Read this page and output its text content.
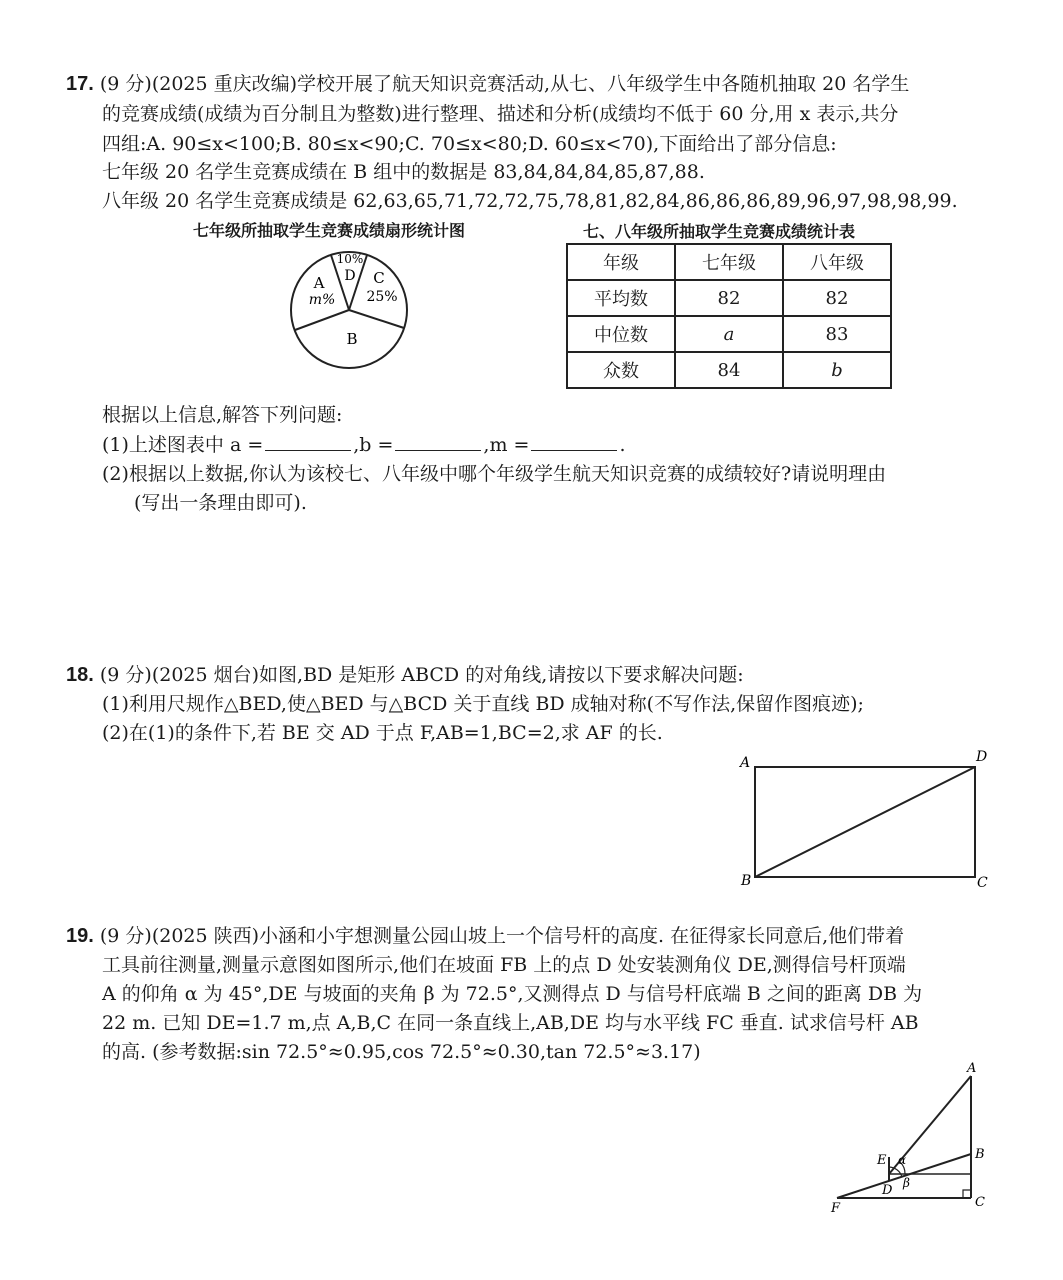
17. (9 分)(2025 重庆改编)学校开展了航天知识竞赛活动,从七、八年级学生中各随机抽取 20 名学生
的竞赛成绩(成绩为百分制且为整数)进行整理、描述和分析(成绩均不低于 60 分,用 x 表示,共分
四组:A. 90≤x<100;B. 80≤x<90;C. 70≤x<80;D. 60≤x<70),下面给出了部分信息:
七年级 20 名学生竞赛成绩在 B 组中的数据是 83,84,84,84,85,87,88.
八年级 20 名学生竞赛成绩是 62,63,65,71,72,72,75,78,81,82,84,86,86,86,89,96,97,98,98,99.
七年级所抽取学生竞赛成绩扇形统计图	七、八年级所抽取学生竞赛成绩统计表
A
m%
10%
D C
25%
B
年级	七年级	八年级
平均数	82	82
中位数	a	83
众数	84	b
根据以上信息,解答下列问题:
(1)上述图表中 a =	,b =	,m =	.
(2)根据以上数据,你认为该校七、八年级中哪个年级学生航天知识竞赛的成绩较好?请说明理由
(写出一条理由即可).
18. (9 分)(2025 烟台)如图,BD 是矩形 ABCD 的对角线,请按以下要求解决问题:
(1)利用尺规作△BED,使△BED 与△BCD 关于直线 BD 成轴对称(不写作法,保留作图痕迹);
(2)在(1)的条件下,若 BE 交 AD 于点 F,AB=1,BC=2,求 AF 的长.
A	D
B	C
19. (9 分)(2025 陕西)小涵和小宇想测量公园山坡上一个信号杆的高度. 在征得家长同意后,他们带着
工具前往测量,测量示意图如图所示,他们在坡面 FB 上的点 D 处安装测角仪 DE,测得信号杆顶端
A 的仰角 α 为 45°,DE 与坡面的夹角 β 为 72.5°,又测得点 D 与信号杆底端 B 之间的距离 DB 为
22 m. 已知 DE=1.7 m,点 A,B,C 在同一条直线上,AB,DE 均与水平线 FC 垂直. 试求信号杆 AB
的高. (参考数据:sin 72.5°≈0.95,cos 72.5°≈0.30,tan 72.5°≈3.17)
A
B
C
E α
D β
F
